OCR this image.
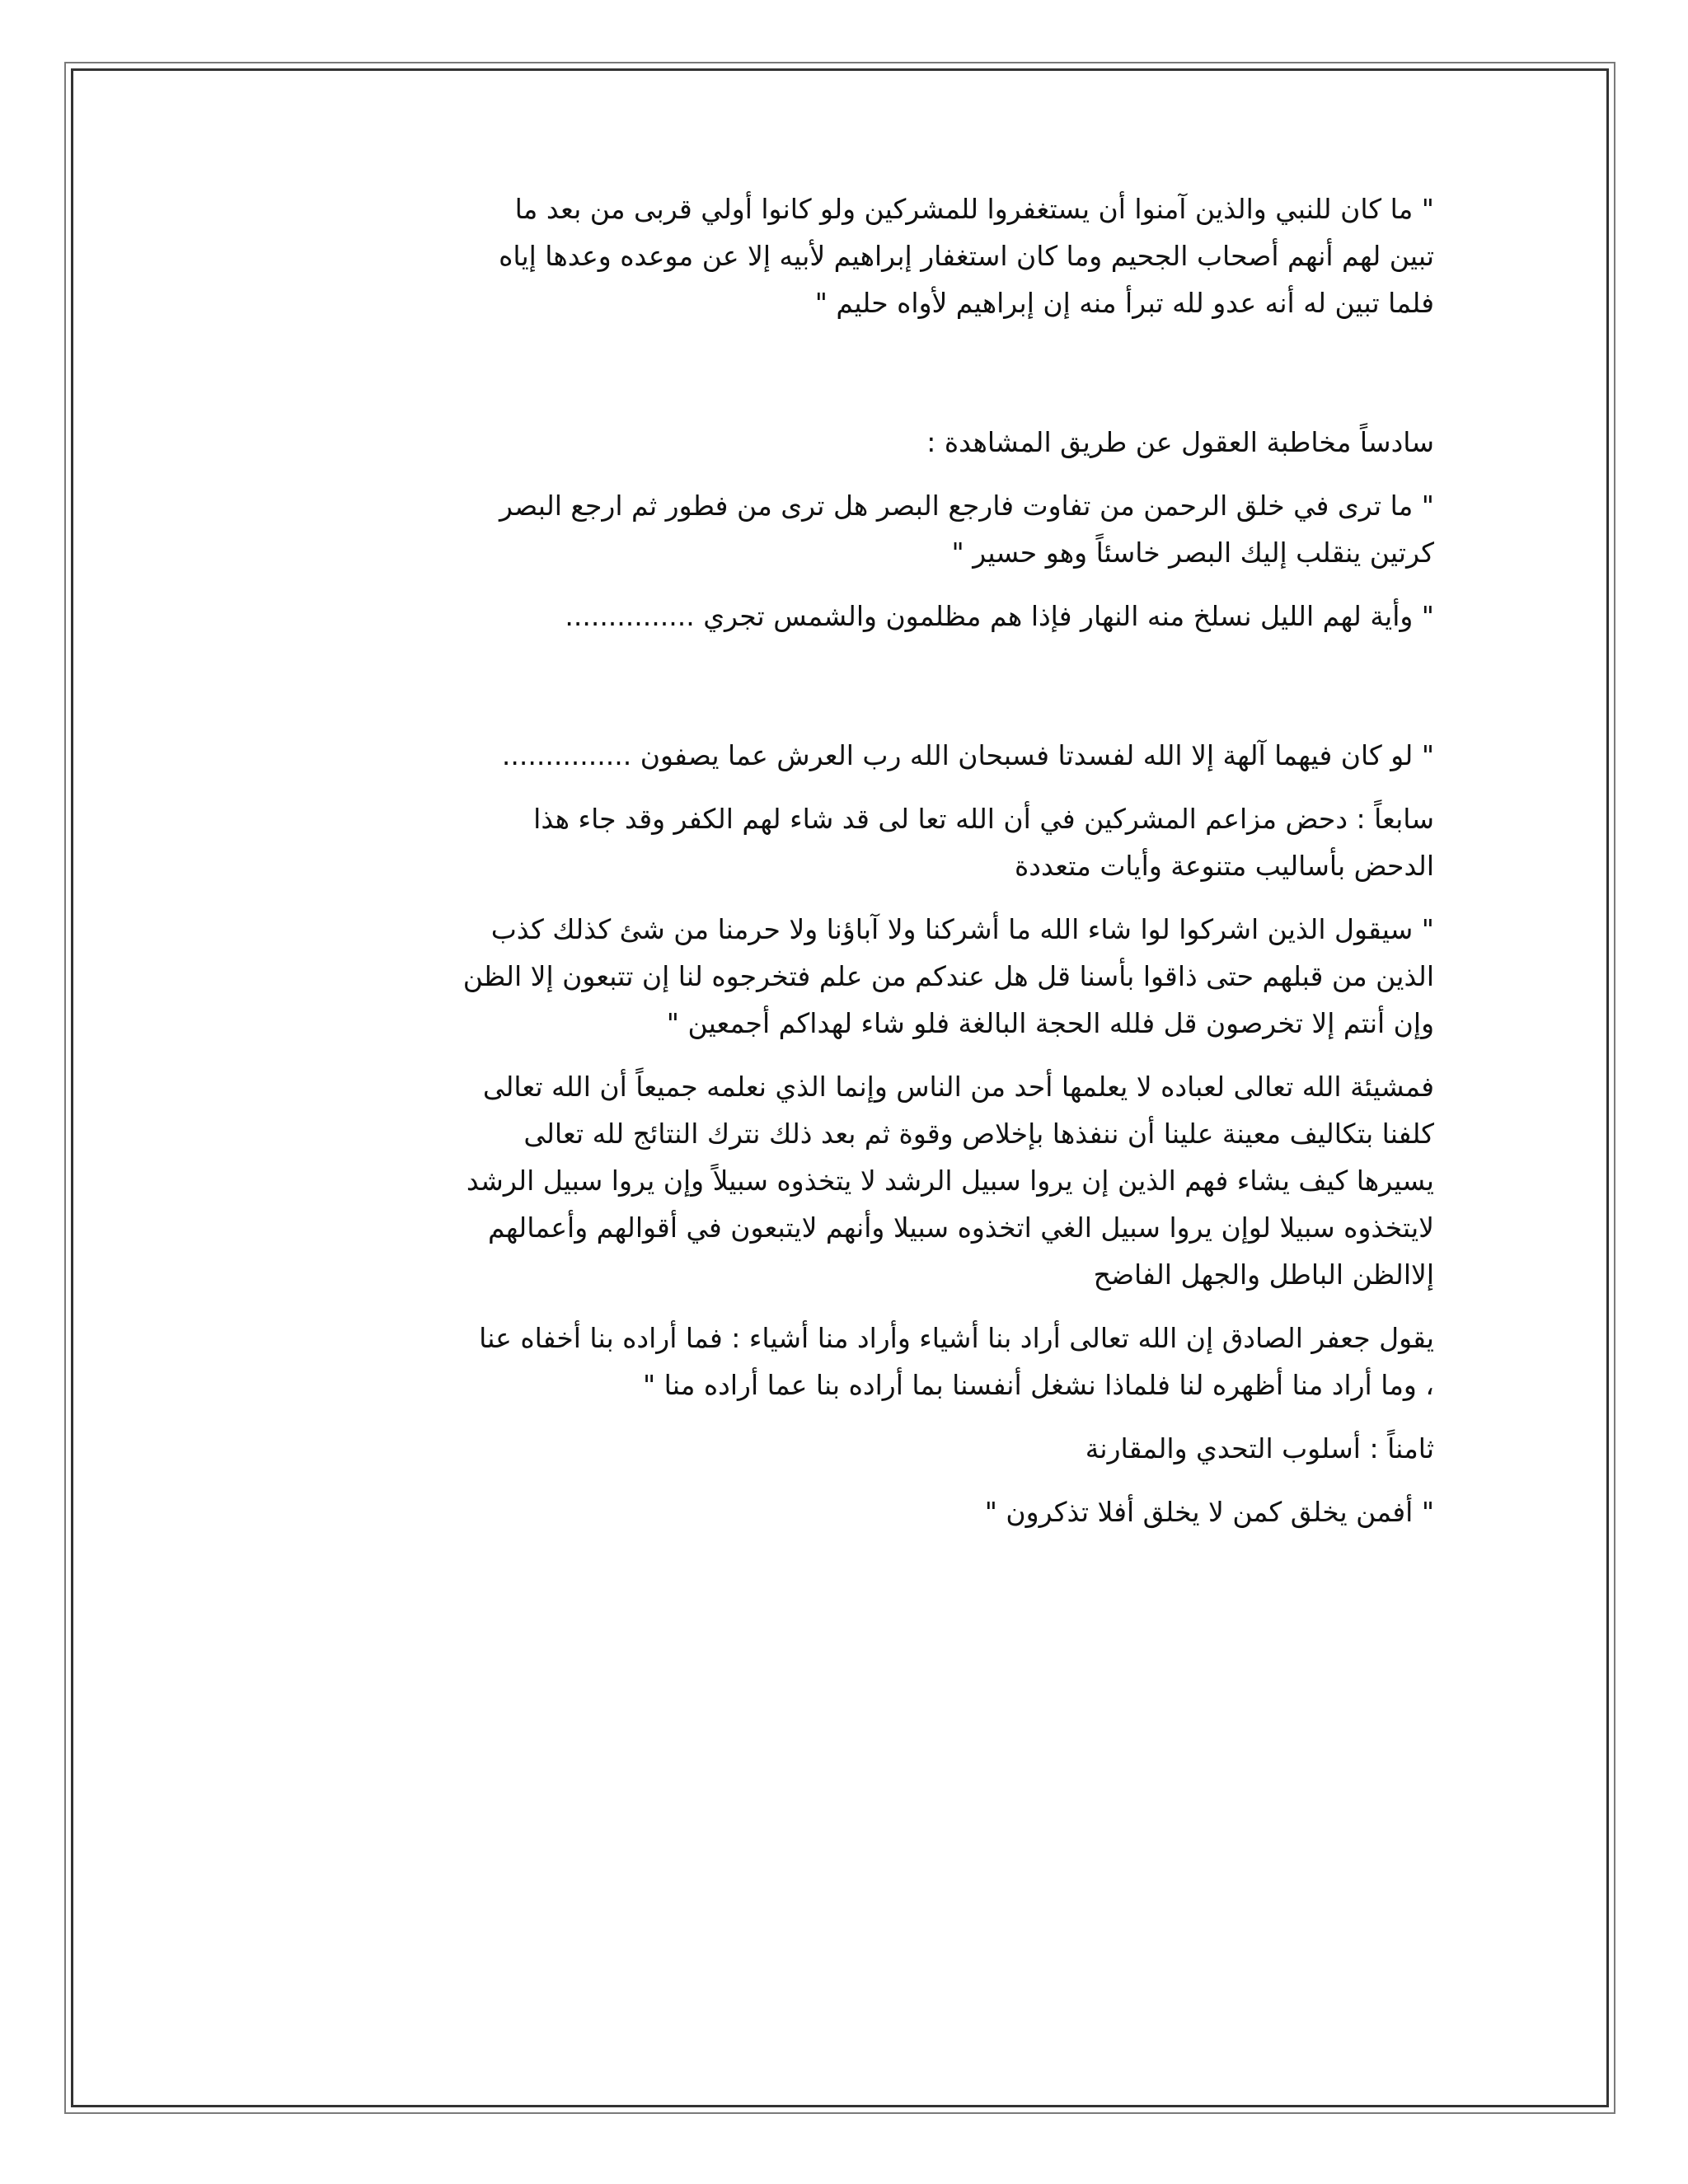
" ما كان للنبي والذين آمنوا أن يستغفروا للمشركين ولو كانوا أولي قربى من بعد ما
تبين لهم أنهم أصحاب الجحيم وما كان استغفار إبراهيم لأبيه إلا عن موعده وعدها إياه
فلما تبين له أنه عدو لله تبرأ منه إن إبراهيم لأواه حليم "

سادساً مخاطبة العقول عن طريق المشاهدة :

" ما ترى في خلق الرحمن من تفاوت فارجع البصر هل ترى من فطور ثم ارجع البصر
كرتين ينقلب إليك البصر خاسئاً وهو حسير "

" وأية لهم الليل نسلخ منه النهار فإذا هم مظلمون والشمس تجري ...............

" لو كان فيهما آلهة إلا الله لفسدتا فسبحان الله رب العرش عما يصفون ...............

سابعاً : دحض مزاعم المشركين في أن الله تعا لى قد شاء لهم الكفر وقد جاء هذا
الدحض بأساليب متنوعة وأيات متعددة

" سيقول الذين اشركوا لوا شاء الله ما أشركنا ولا آباؤنا ولا حرمنا من شئ كذلك كذب
الذين من قبلهم حتى ذاقوا بأسنا قل هل عندكم من علم فتخرجوه لنا إن تتبعون إلا الظن
وإن أنتم إلا تخرصون قل فلله الحجة البالغة فلو شاء لهداكم أجمعين "

فمشيئة الله تعالى لعباده لا يعلمها أحد من الناس وإنما الذي نعلمه جميعاً أن الله تعالى
كلفنا بتكاليف معينة علينا أن ننفذها بإخلاص وقوة ثم بعد ذلك نترك النتائج لله تعالى
يسيرها كيف يشاء فهم الذين إن يروا سبيل الرشد لا يتخذوه سبيلاً وإن يروا سبيل الرشد
لايتخذوه سبيلا لوإن يروا سبيل الغي اتخذوه سبيلا وأنهم لايتبعون في أقوالهم وأعمالهم
إلاالظن الباطل والجهل الفاضح

يقول جعفر الصادق إن الله تعالى أراد بنا أشياء وأراد منا أشياء : فما أراده بنا أخفاه عنا
، وما أراد منا أظهره لنا فلماذا نشغل أنفسنا بما أراده بنا عما أراده منا "

ثامناً : أسلوب التحدي والمقارنة

" أفمن يخلق كمن لا يخلق أفلا تذكرون "
